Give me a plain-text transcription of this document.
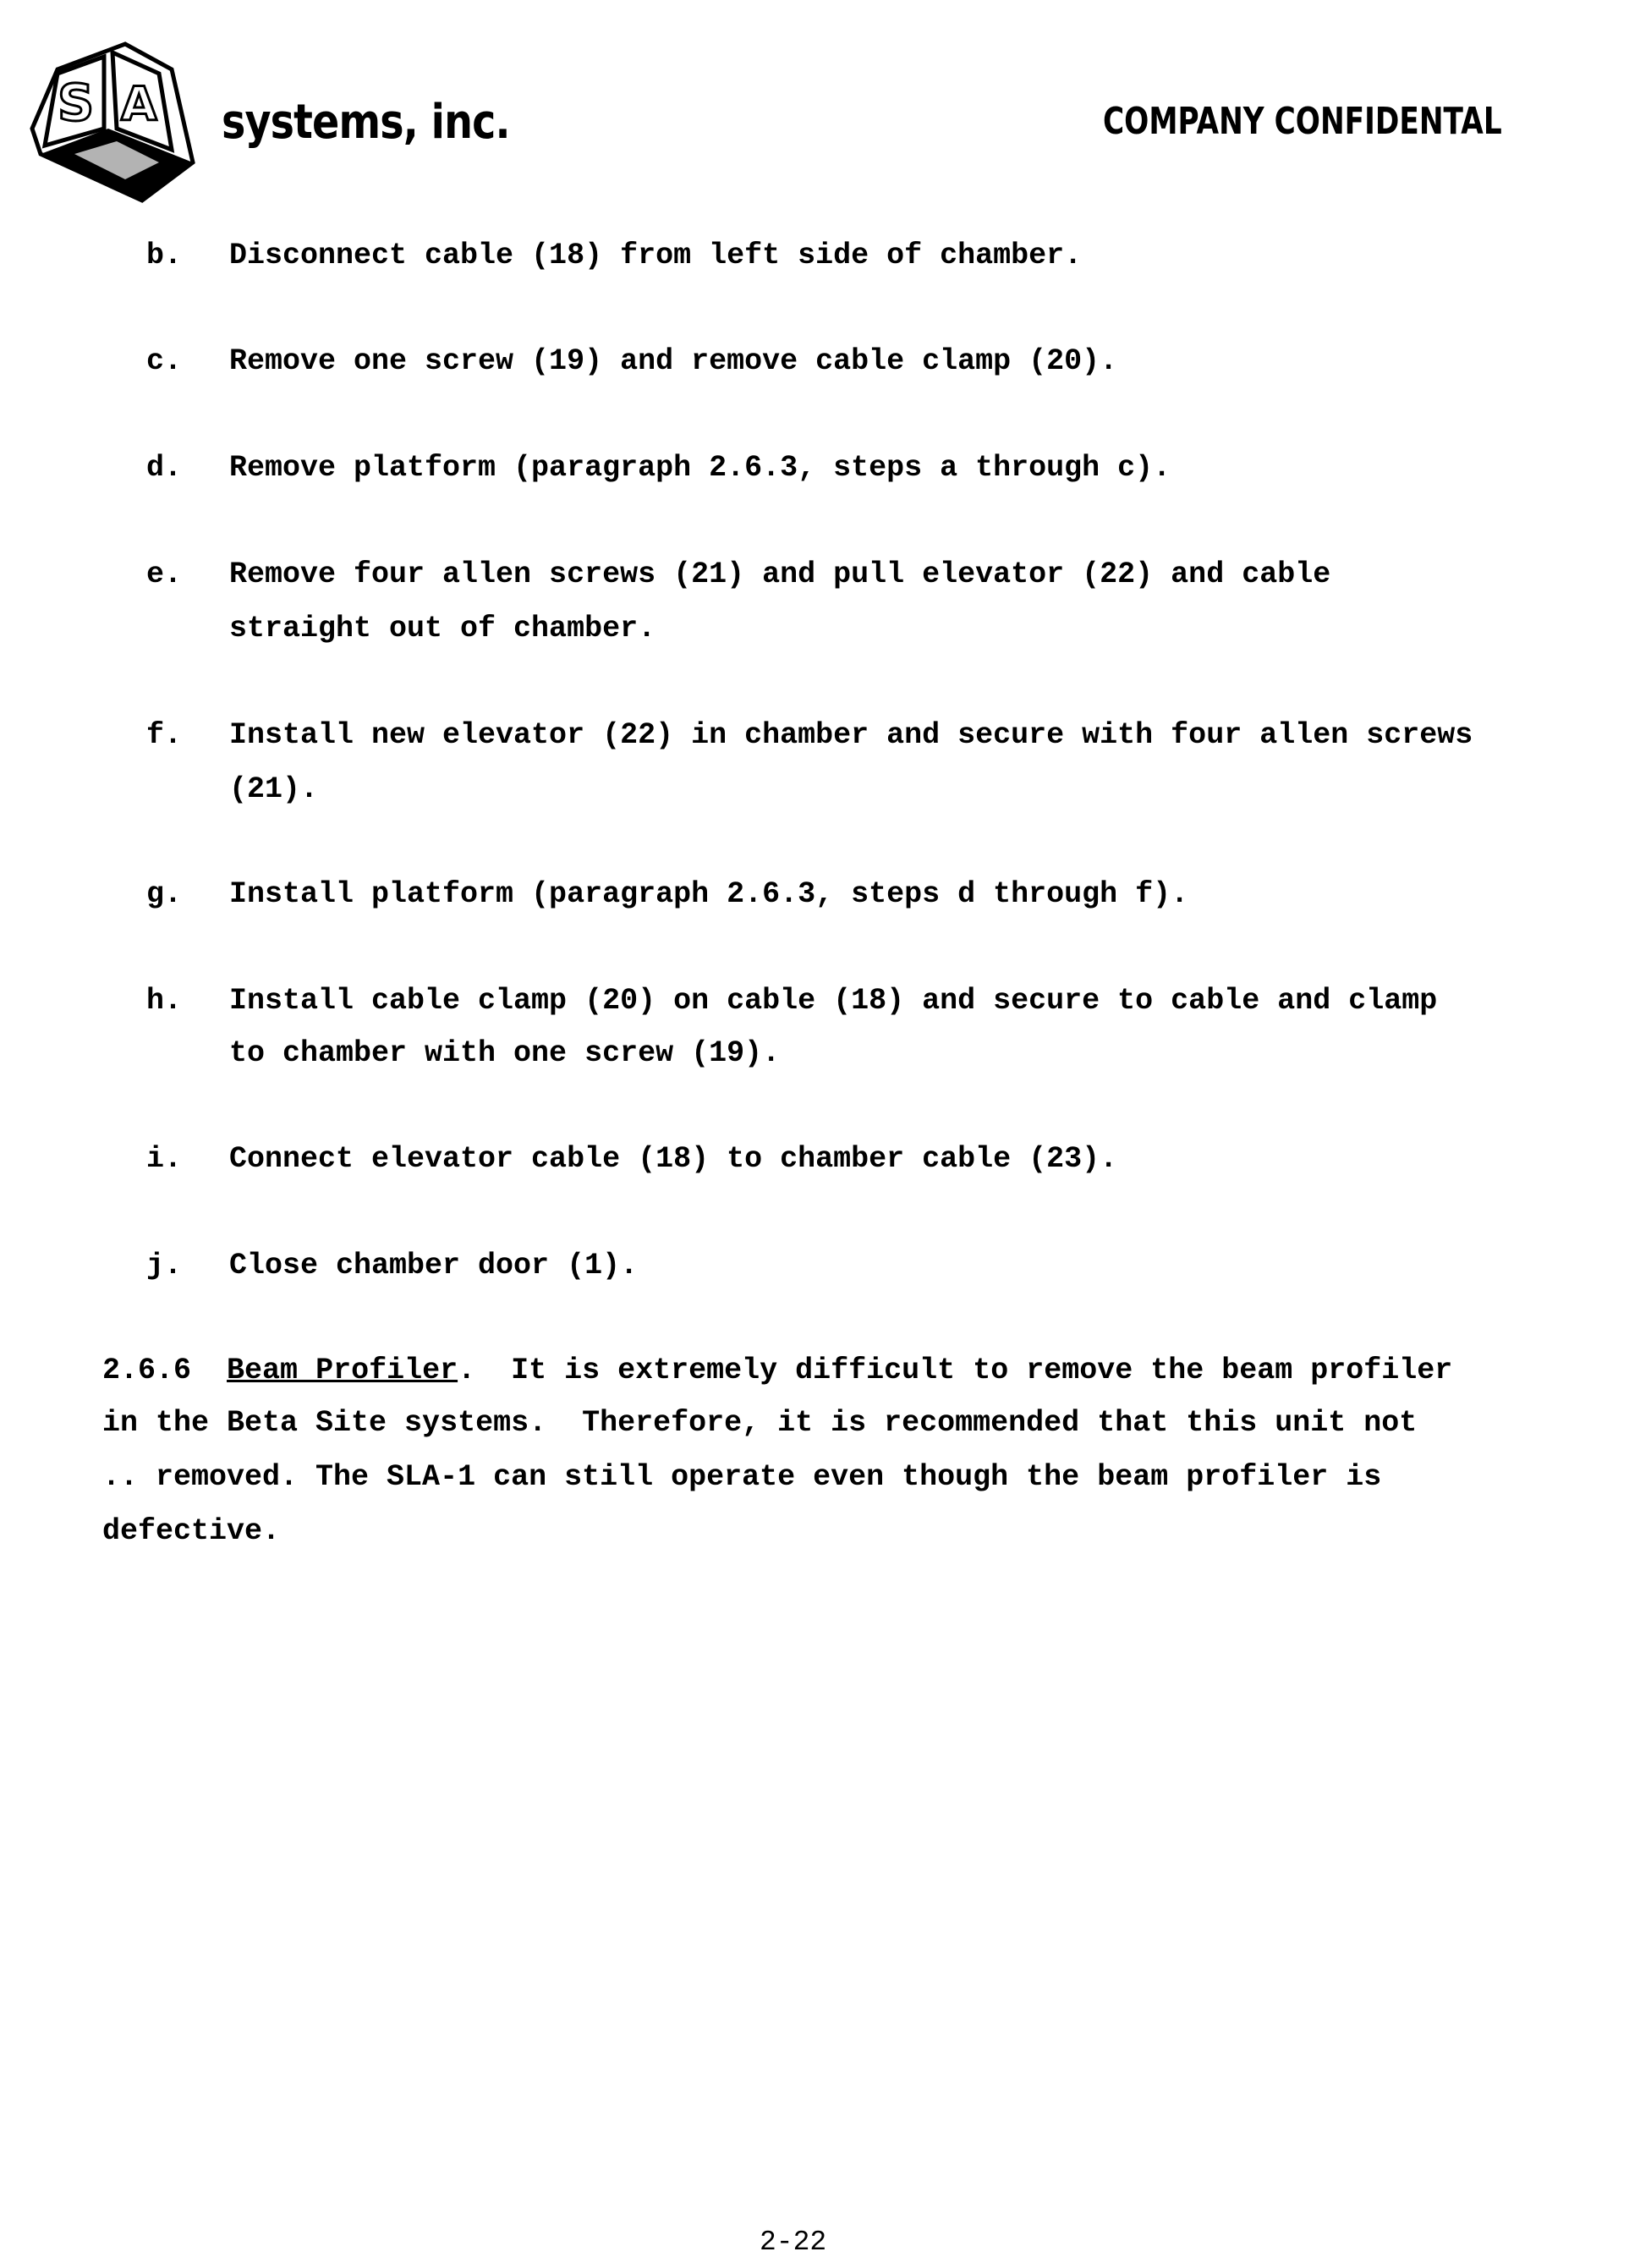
S A systems, inc.	COMPANY CONFIDENTAL
b. Disconnect cable (18) from left side of chamber.
c. Remove one screw (19) and remove cable clamp (20).
d. Remove platform (paragraph 2.6.3, steps a through c).
e. Remove four allen screws (21) and pull elevator (22) and cable
straight out of chamber.
f. Install new elevator (22) in chamber and secure with four allen screws
(21).
g. Install platform (paragraph 2.6.3, steps d through f).
h. Install cable clamp (20) on cable (18) and secure to cable and clamp
to chamber with one screw (19).
i. Connect elevator cable (18) to chamber cable (23).
j. Close chamber door (1).
2.6.6 Beam Profiler.  It is extremely difficult to remove the beam profiler
in the Beta Site systems.  Therefore, it is recommended that this unit not
.. removed. The SLA-1 can still operate even though the beam profiler is
defective.
2-22
